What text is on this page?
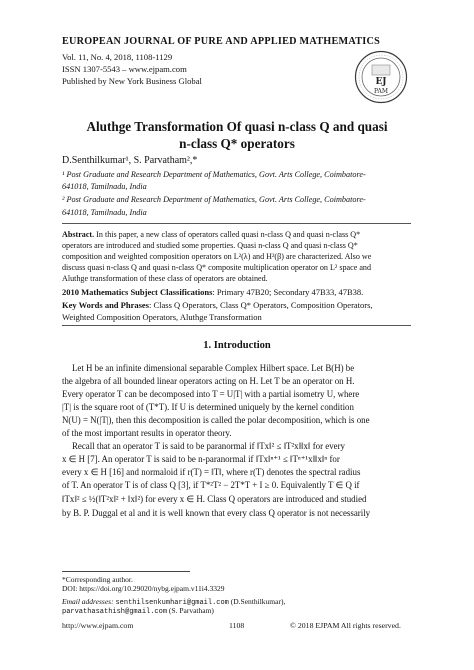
EUROPEAN JOURNAL OF PURE AND APPLIED MATHEMATICS
Vol. 11, No. 4, 2018, 1108-1129
ISSN 1307-5543 – www.ejpam.com
Published by New York Business Global	EJ
PAM
Aluthge Transformation Of quasi n-class Q and quasi
n-class Q* operators
D.Senthilkumar¹, S. Parvatham²,*
¹ Post Graduate and Research Department of Mathematics, Govt. Arts College, Coimbatore-
641018, Tamilnadu, India
² Post Graduate and Research Department of Mathematics, Govt. Arts College, Coimbatore-
641018, Tamilnadu, India
Abstract. In this paper, a new class of operators called quasi n-class Q and quasi n-class Q*
operators are introduced and studied some properties. Quasi n-class Q and quasi n-class Q*
composition and weighted composition operators on L²(λ) and H²(β) are characterized. Also we
discuss quasi n-class Q and quasi n-class Q* composite multiplication operator on L² space and
Aluthge transformation of these class of operators are obtained.
2010 Mathematics Subject Classifications: Primary 47B20; Secondary 47B33, 47B38.
Key Words and Phrases: Class Q Operators, Class Q* Operators, Composition Operators,
Weighted Composition Operators, Aluthge Transformation
1. Introduction
Let H be an infinite dimensional separable Complex Hilbert space. Let B(H) be
the algebra of all bounded linear operators acting on H. Let T be an operator on H.
Every operator T can be decomposed into T = U|T| with a partial isometry U, where
|T| is the square root of (T*T). If U is determined uniquely by the kernel condition
N(U) = N(|T|), then this decomposition is called the polar decomposition, which is one
of the most important results in operator theory.
Recall that an operator T is said to be paranormal if ‖Tx‖² ≤ ‖T²x‖‖x‖ for every
x ∈ H [7]. An operator T is said to be n-paranormal if ‖Tx‖ⁿ⁺¹ ≤ ‖Tⁿ⁺¹x‖‖x‖ⁿ for
every x ∈ H [16] and normaloid if r(T) = ‖T‖, where r(T) denotes the spectral radius
of T. An operator T is of class Q [3], if T*²T² − 2T*T + I ≥ 0. Equivalently T ∈ Q if
‖Tx‖² ≤ ½(‖T²x‖² + ‖x‖²) for every x ∈ H. Class Q operators are introduced and studied
by B. P. Duggal et al and it is well known that every class Q operator is not necessarily
*Corresponding author.
DOI: https://doi.org/10.29020/nybg.ejpam.v11i4.3329
Email addresses: senthilsenkumhari@gmail.com (D.Senthilkumar),
parvathasathish@gmail.com (S. Parvatham)
http://www.ejpam.com	1108	© 2018 EJPAM All rights reserved.
